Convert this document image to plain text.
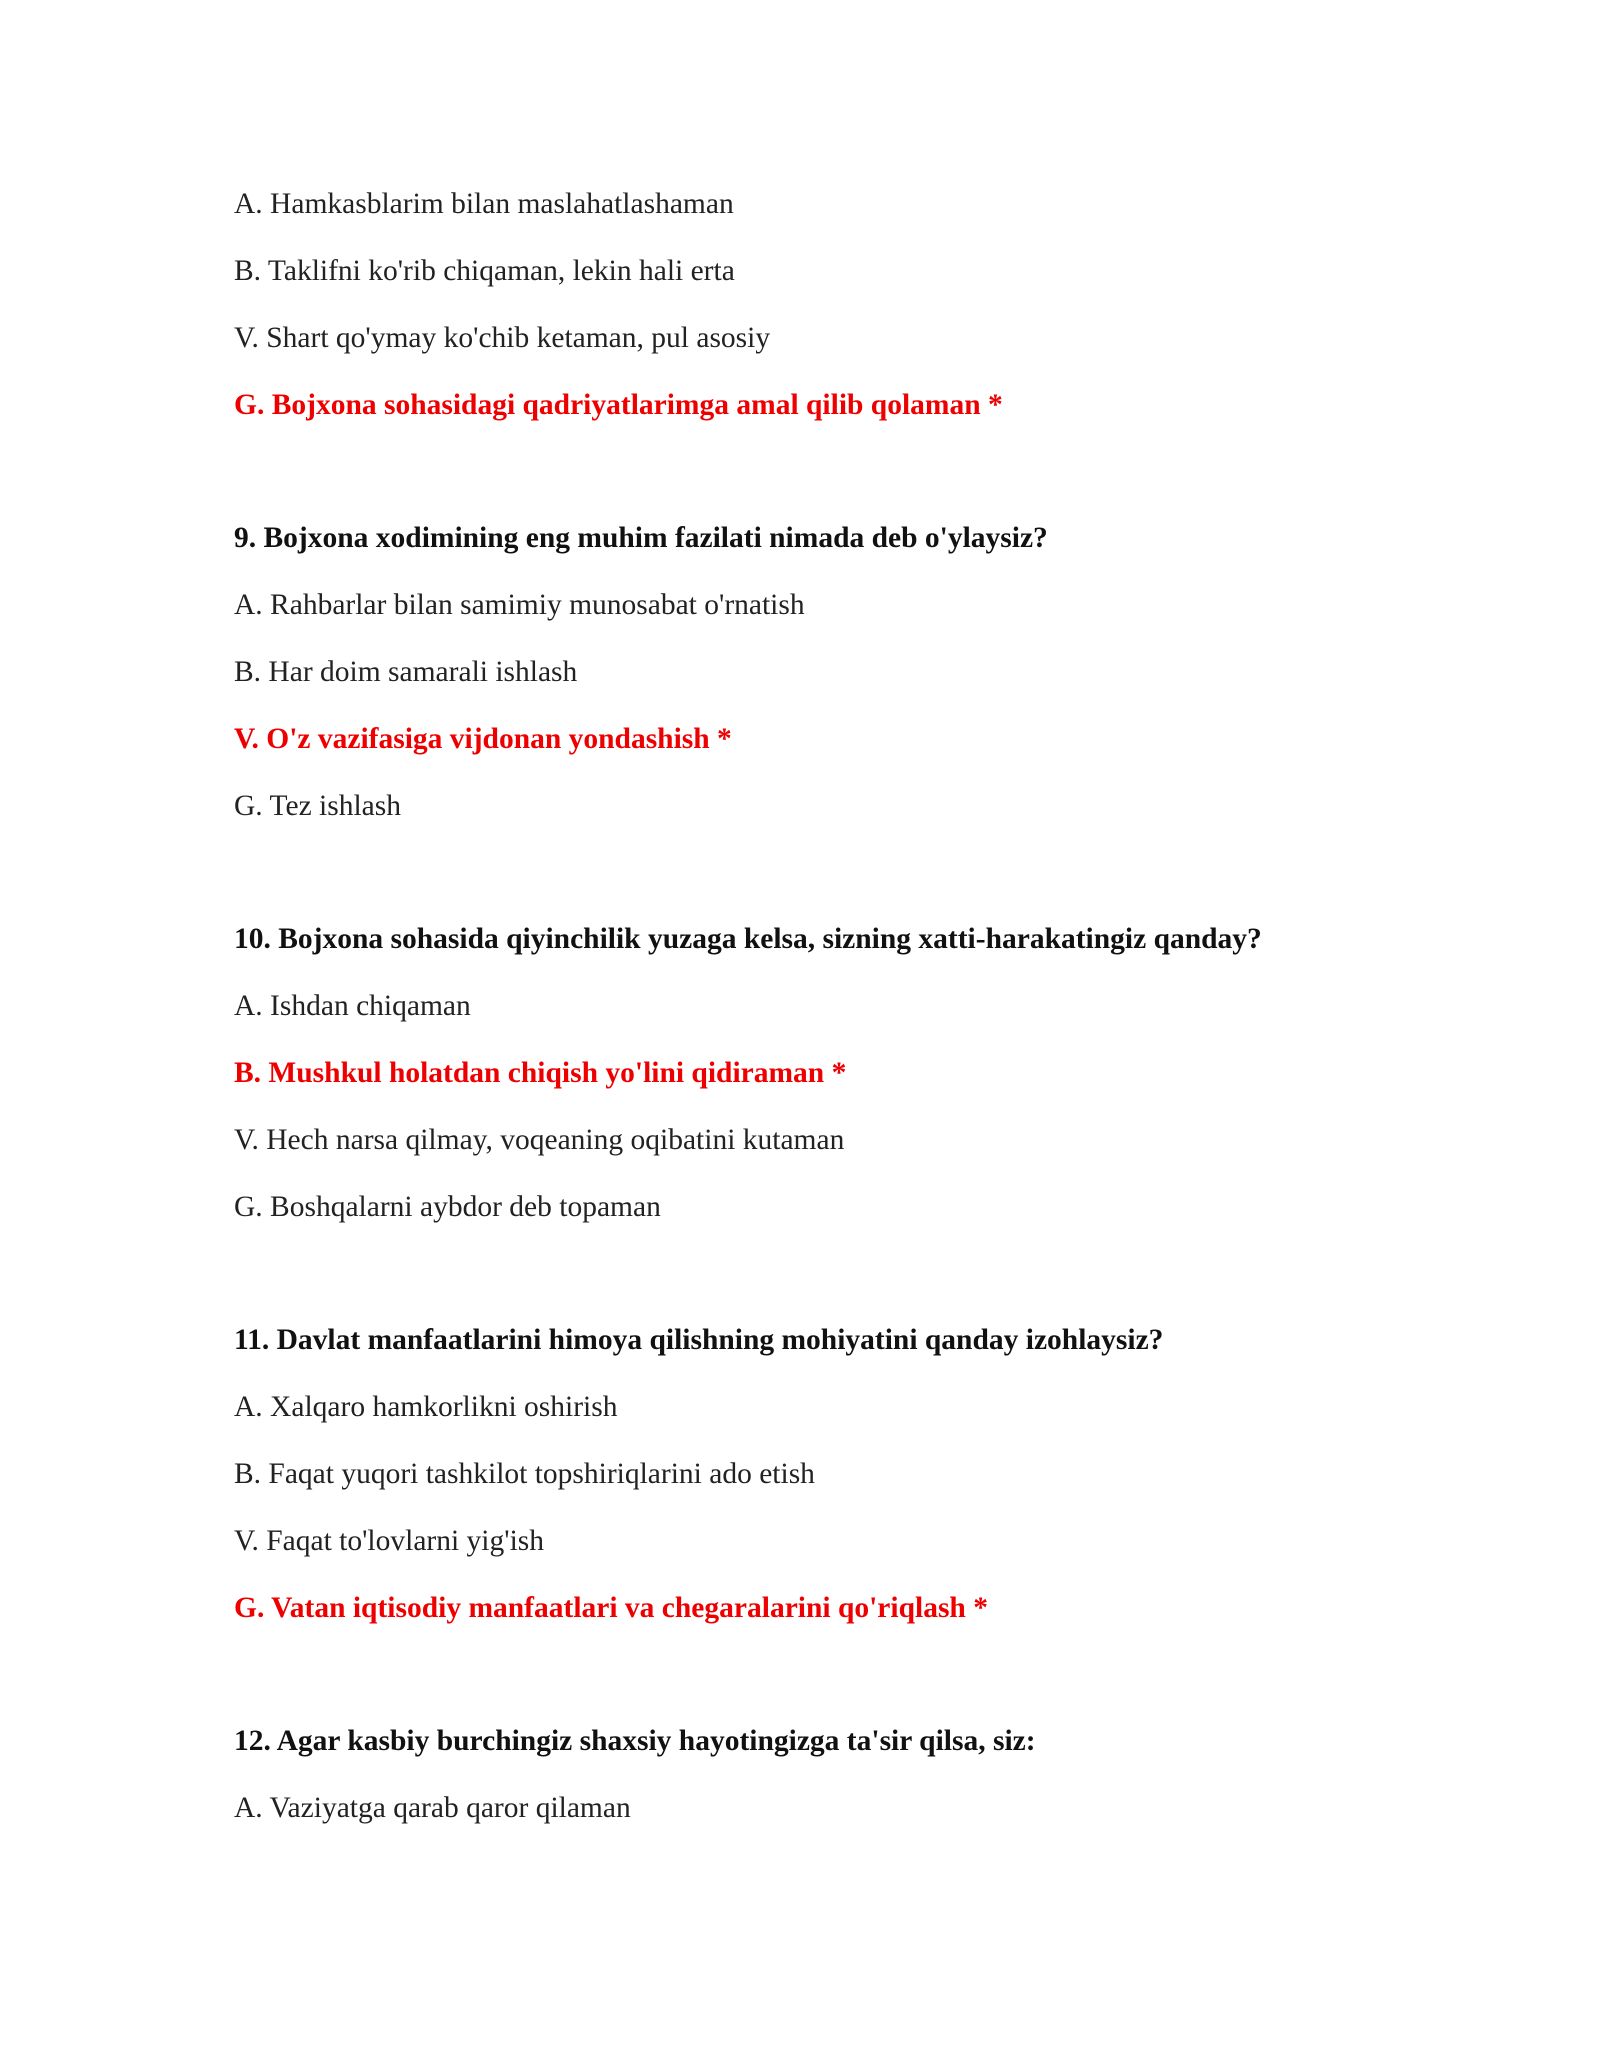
A. Hamkasblarim bilan maslahatlashaman
B. Taklifni ko'rib chiqaman, lekin hali erta
V. Shart qo'ymay ko'chib ketaman, pul asosiy
G. Bojxona sohasidagi qadriyatlarimga amal qilib qolaman *
9. Bojxona xodimining eng muhim fazilati nimada deb o'ylaysiz?
A. Rahbarlar bilan samimiy munosabat o'rnatish
B. Har doim samarali ishlash
V. O'z vazifasiga vijdonan yondashish *
G. Tez ishlash
10. Bojxona sohasida qiyinchilik yuzaga kelsa, sizning xatti-harakatingiz qanday?
A. Ishdan chiqaman
B. Mushkul holatdan chiqish yo'lini qidiraman *
V. Hech narsa qilmay, voqeaning oqibatini kutaman
G. Boshqalarni aybdor deb topaman
11. Davlat manfaatlarini himoya qilishning mohiyatini qanday izohlaysiz?
A. Xalqaro hamkorlikni oshirish
B. Faqat yuqori tashkilot topshiriqlarini ado etish
V. Faqat to'lovlarni yig'ish
G. Vatan iqtisodiy manfaatlari va chegaralarini qo'riqlash *
12. Agar kasbiy burchingiz shaxsiy hayotingizga ta'sir qilsa, siz:
A. Vaziyatga qarab qaror qilaman
